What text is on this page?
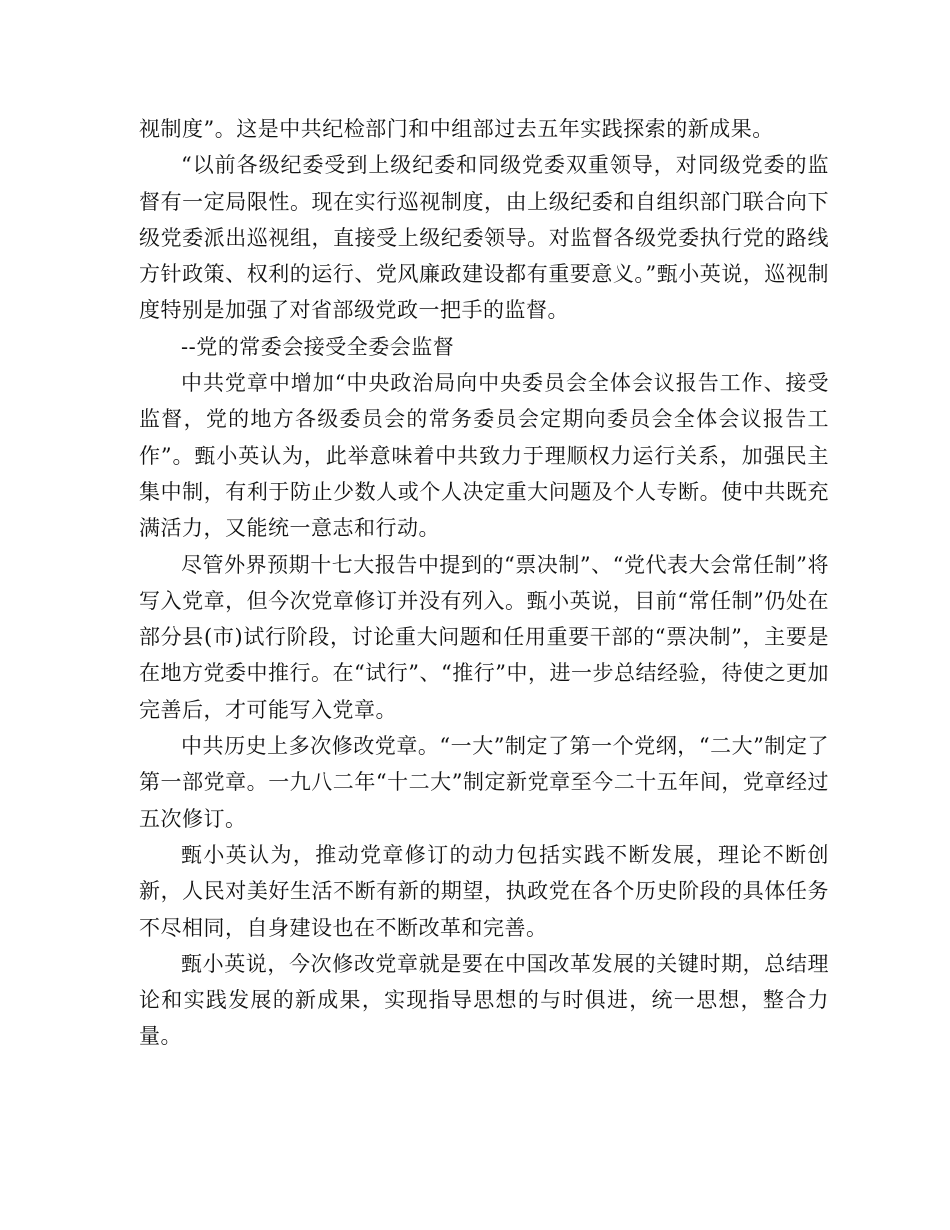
视制度”。这是中共纪检部门和中组部过去五年实践探索的新成果。

“以前各级纪委受到上级纪委和同级党委双重领导，对同级党委的监督有一定局限性。现在实行巡视制度，由上级纪委和自组织部门联合向下级党委派出巡视组，直接受上级纪委领导。对监督各级党委执行党的路线方针政策、权利的运行、党风廉政建设都有重要意义。”甄小英说，巡视制度特别是加强了对省部级党政一把手的监督。

--党的常委会接受全委会监督

中共党章中增加“中央政治局向中央委员会全体会议报告工作、接受监督，党的地方各级委员会的常务委员会定期向委员会全体会议报告工作”。甄小英认为，此举意味着中共致力于理顺权力运行关系，加强民主集中制，有利于防止少数人或个人决定重大问题及个人专断。使中共既充满活力，又能统一意志和行动。

尽管外界预期十七大报告中提到的“票决制”、“党代表大会常任制”将写入党章，但今次党章修订并没有列入。甄小英说，目前“常任制”仍处在部分县(市)试行阶段，讨论重大问题和任用重要干部的“票决制”，主要是在地方党委中推行。在“试行”、“推行”中，进一步总结经验，待使之更加完善后，才可能写入党章。

中共历史上多次修改党章。“一大”制定了第一个党纲，“二大”制定了第一部党章。一九八二年“十二大”制定新党章至今二十五年间，党章经过五次修订。

甄小英认为，推动党章修订的动力包括实践不断发展，理论不断创新，人民对美好生活不断有新的期望，执政党在各个历史阶段的具体任务不尽相同，自身建设也在不断改革和完善。

甄小英说，今次修改党章就是要在中国改革发展的关键时期，总结理论和实践发展的新成果，实现指导思想的与时俱进，统一思想，整合力量。
